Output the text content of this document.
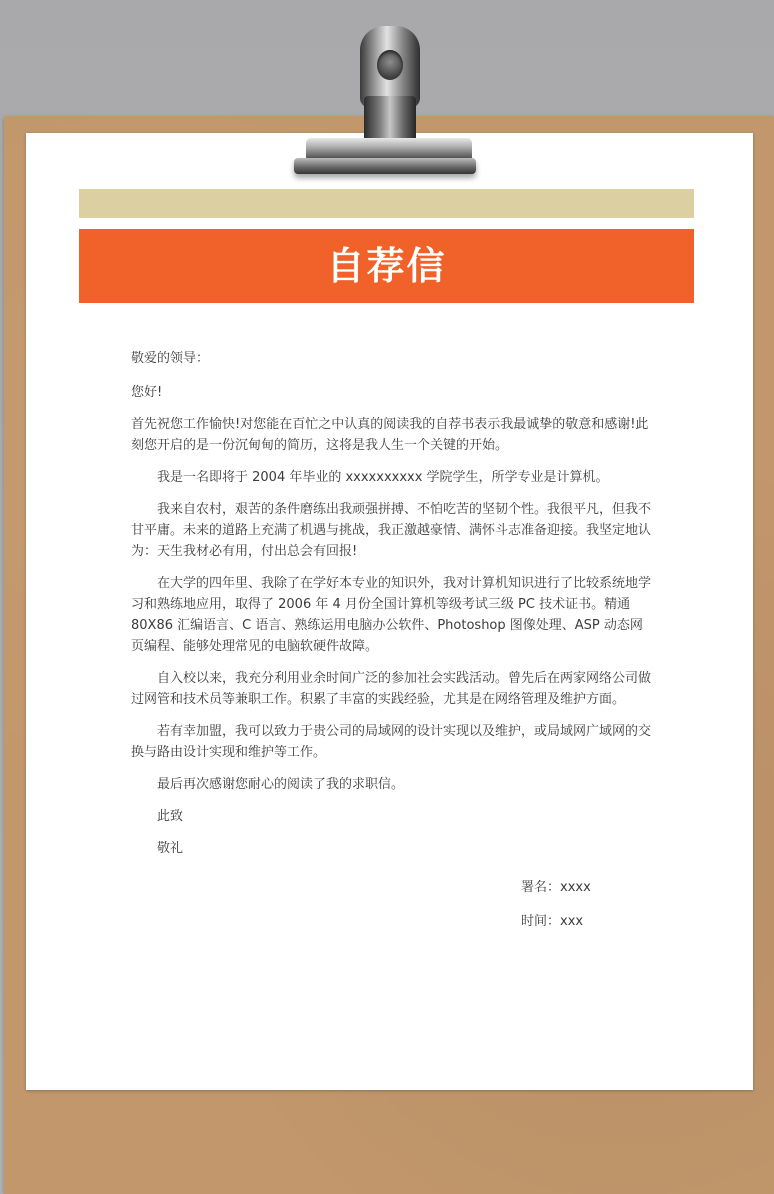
自荐信

敬爱的领导：

您好!

首先祝您工作愉快!对您能在百忙之中认真的阅读我的自荐书表示我最诚挚的敬意和感谢!此刻您开启的是一份沉甸甸的简历，这将是我人生一个关键的开始。

我是一名即将于 2004 年毕业的 xxxxxxxxxx 学院学生，所学专业是计算机。

我来自农村，艰苦的条件磨练出我顽强拼搏、不怕吃苦的坚韧个性。我很平凡，但我不甘平庸。未来的道路上充满了机遇与挑战，我正激越豪情、满怀斗志准备迎接。我坚定地认为：天生我材必有用，付出总会有回报!

在大学的四年里、我除了在学好本专业的知识外，我对计算机知识进行了比较系统地学习和熟练地应用，取得了 2006 年 4 月份全国计算机等级考试三级 PC 技术证书。精通 80X86 汇编语言、C 语言、熟练运用电脑办公软件、Photoshop 图像处理、ASP 动态网页编程、能够处理常见的电脑软硬件故障。

自入校以来，我充分利用业余时间广泛的参加社会实践活动。曾先后在两家网络公司做过网管和技术员等兼职工作。积累了丰富的实践经验，尤其是在网络管理及维护方面。

若有幸加盟，我可以致力于贵公司的局域网的设计实现以及维护，或局域网广域网的交换与路由设计实现和维护等工作。

最后再次感谢您耐心的阅读了我的求职信。

此致

敬礼

署名：xxxx
时间：xxx
